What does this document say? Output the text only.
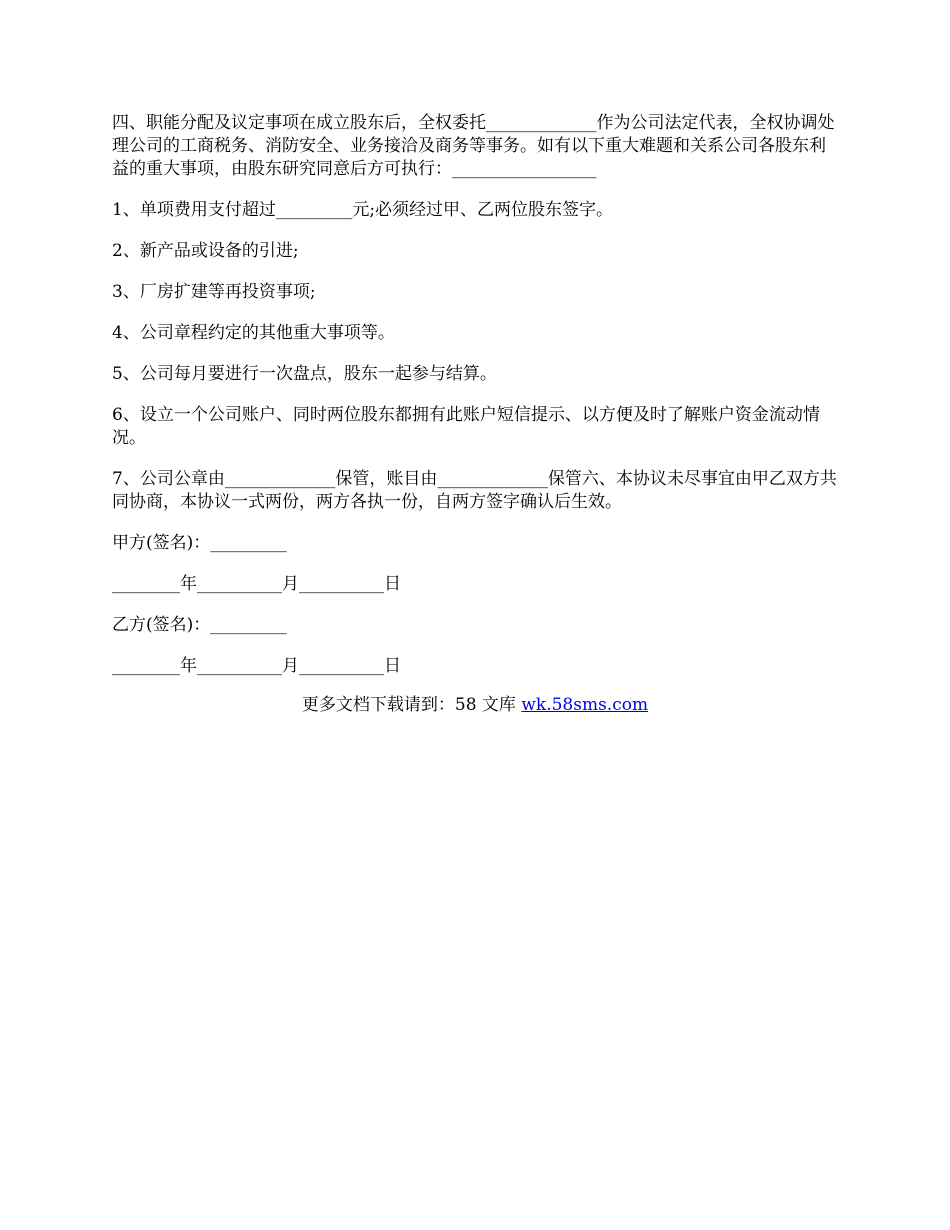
四、职能分配及议定事项在成立股东后，全权委托_____________作为公司法定代表，全权协调处理公司的工商税务、消防安全、业务接洽及商务等事务。如有以下重大难题和关系公司各股东利益的重大事项，由股东研究同意后方可执行：_________________

1、单项费用支付超过_________元;必须经过甲、乙两位股东签字。

2、新产品或设备的引进;

3、厂房扩建等再投资事项;

4、公司章程约定的其他重大事项等。

5、公司每月要进行一次盘点，股东一起参与结算。

6、设立一个公司账户、同时两位股东都拥有此账户短信提示、以方便及时了解账户资金流动情况。

7、公司公章由_____________保管，账目由_____________保管六、本协议未尽事宜由甲乙双方共同协商，本协议一式两份，两方各执一份，自两方签字确认后生效。

甲方(签名)：_________

________年__________月__________日

乙方(签名)：_________

________年__________月__________日

更多文档下载请到：58 文库 wk.58sms.com
